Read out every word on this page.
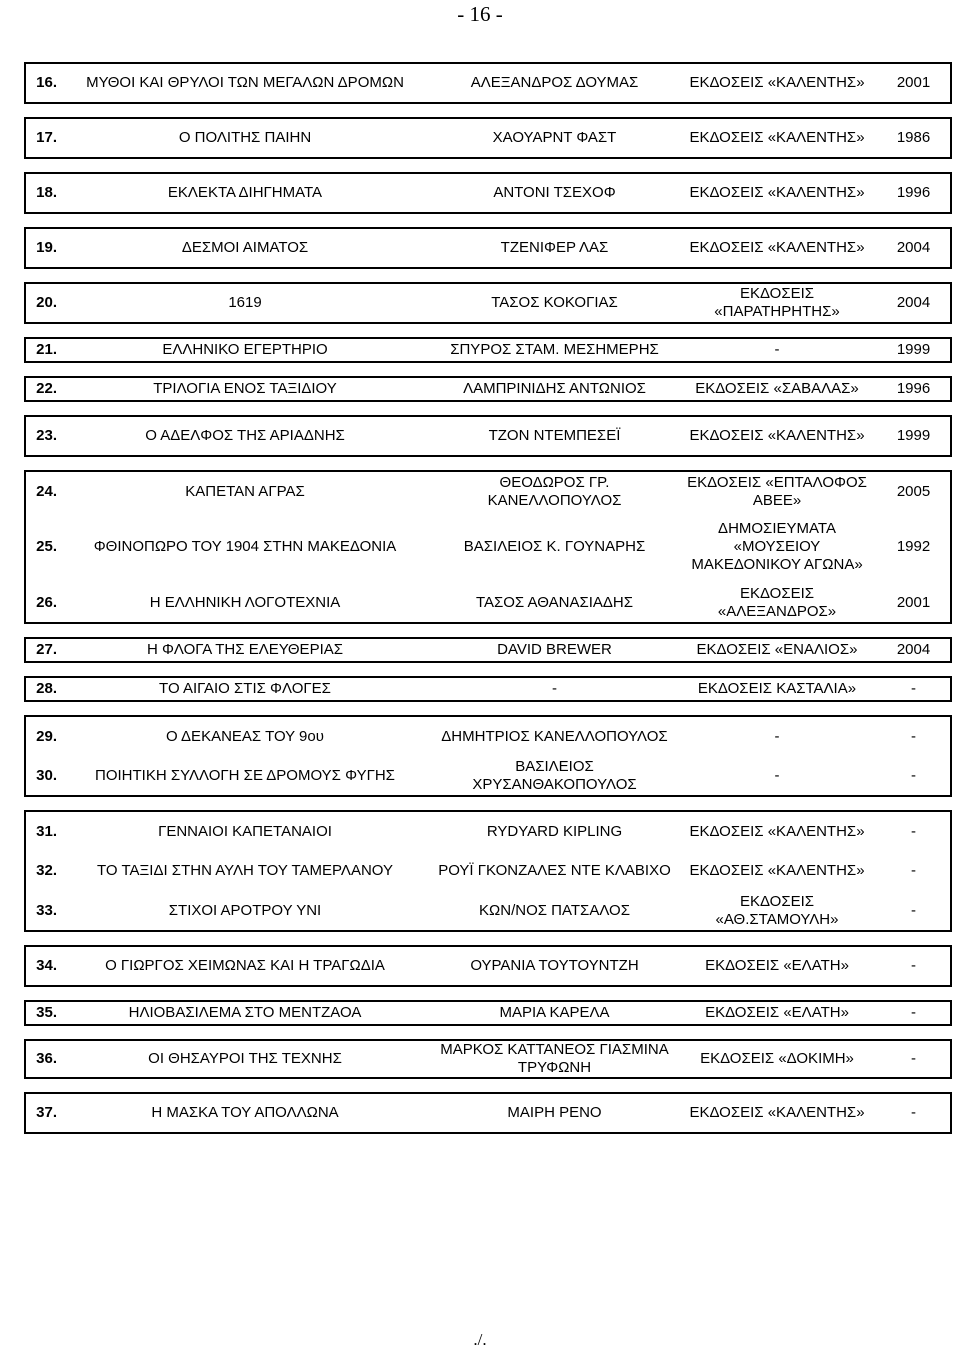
- 16 -
16.	ΜΥΘΟΙ ΚΑΙ ΘΡΥΛΟΙ ΤΩΝ ΜΕΓΑΛΩΝ ΔΡΟΜΩΝ	ΑΛΕΞΑΝΔΡΟΣ ΔΟΥΜΑΣ	ΕΚΔΟΣΕΙΣ «ΚΑΛΕΝΤΗΣ»	2001

17.	Ο ΠΟΛΙΤΗΣ ΠΑΙΗΝ	ΧΑΟΥΑΡΝΤ ΦΑΣΤ	ΕΚΔΟΣΕΙΣ «ΚΑΛΕΝΤΗΣ»	1986

18.	ΕΚΛΕΚΤΑ ΔΙΗΓΗΜΑΤΑ	ΑΝΤΟΝΙ ΤΣΕΧΟΦ	ΕΚΔΟΣΕΙΣ «ΚΑΛΕΝΤΗΣ»	1996

19.	ΔΕΣΜΟΙ ΑΙΜΑΤΟΣ	ΤΖΕΝΙΦΕΡ ΛΑΣ	ΕΚΔΟΣΕΙΣ «ΚΑΛΕΝΤΗΣ»	2004

20.	1619	ΤΑΣΟΣ ΚΟΚΟΓΙΑΣ	ΕΚΔΟΣΕΙΣ «ΠΑΡΑΤΗΡΗΤΗΣ»	2004

21.	ΕΛΛΗΝΙΚΟ ΕΓΕΡΤΗΡΙΟ	ΣΠΥΡΟΣ ΣΤΑΜ. ΜΕΣΗΜΕΡΗΣ	-	1999

22.	ΤΡΙΛΟΓΙΑ ΕΝΟΣ ΤΑΞΙΔΙΟΥ	ΛΑΜΠΡΙΝΙΔΗΣ ΑΝΤΩΝΙΟΣ	ΕΚΔΟΣΕΙΣ «ΣΑΒΑΛΑΣ»	1996

23.	Ο ΑΔΕΛΦΟΣ ΤΗΣ ΑΡΙΑΔΝΗΣ	ΤΖΟΝ ΝΤΕΜΠΕΣΕΪ	ΕΚΔΟΣΕΙΣ «ΚΑΛΕΝΤΗΣ»	1999

24.	ΚΑΠΕΤΑΝ ΑΓΡΑΣ	ΘΕΟΔΩΡΟΣ ΓΡ. ΚΑΝΕΛΛΟΠΟΥΛΟΣ	ΕΚΔΟΣΕΙΣ «ΕΠΤΑΛΟΦΟΣ ΑΒΕΕ»	2005
25.	ΦΘΙΝΟΠΩΡΟ ΤΟΥ 1904 ΣΤΗΝ ΜΑΚΕΔΟΝΙΑ	ΒΑΣΙΛΕΙΟΣ Κ. ΓΟΥΝΑΡΗΣ	ΔΗΜΟΣΙΕΥΜΑΤΑ «ΜΟΥΣΕΙΟΥ ΜΑΚΕΔΟΝΙΚΟΥ ΑΓΩΝΑ»	1992
26.	Η ΕΛΛΗΝΙΚΗ ΛΟΓΟΤΕΧΝΙΑ	ΤΑΣΟΣ ΑΘΑΝΑΣΙΑΔΗΣ	ΕΚΔΟΣΕΙΣ «ΑΛΕΞΑΝΔΡΟΣ»	2001

27.	Η ΦΛΟΓΑ ΤΗΣ ΕΛΕΥΘΕΡΙΑΣ	DAVID BREWER	ΕΚΔΟΣΕΙΣ «ΕΝΑΛΙΟΣ»	2004

28.	ΤΟ ΑΙΓΑΙΟ ΣΤΙΣ ΦΛΟΓΕΣ	-	ΕΚΔΟΣΕΙΣ ΚΑΣΤΑΛΙΑ»	-

29.	Ο ΔΕΚΑΝΕΑΣ ΤΟΥ 9ου	ΔΗΜΗΤΡΙΟΣ ΚΑΝΕΛΛΟΠΟΥΛΟΣ	-	-
30.	ΠΟΙΗΤΙΚΗ ΣΥΛΛΟΓΗ ΣΕ ΔΡΟΜΟΥΣ ΦΥΓΗΣ	ΒΑΣΙΛΕΙΟΣ ΧΡΥΣΑΝΘΑΚΟΠΟΥΛΟΣ	-	-

31.	ΓΕΝΝΑΙΟΙ ΚΑΠΕΤΑΝΑΙΟΙ	RYDYARD KIPLING	ΕΚΔΟΣΕΙΣ «ΚΑΛΕΝΤΗΣ»	-
32.	ΤΟ ΤΑΞΙΔΙ ΣΤΗΝ ΑΥΛΗ ΤΟΥ ΤΑΜΕΡΛΑΝΟΥ	ΡΟΥΪ ΓΚΟΝΖΑΛΕΣ ΝΤΕ ΚΛΑΒΙΧΟ	ΕΚΔΟΣΕΙΣ «ΚΑΛΕΝΤΗΣ»	-
33.	ΣΤΙΧΟΙ ΑΡΟΤΡΟΥ ΥΝΙ	ΚΩΝ/ΝΟΣ ΠΑΤΣΑΛΟΣ	ΕΚΔΟΣΕΙΣ «ΑΘ.ΣΤΑΜΟΥΛΗ»	-

34.	Ο ΓΙΩΡΓΟΣ ΧΕΙΜΩΝΑΣ ΚΑΙ Η ΤΡΑΓΩΔΙΑ	ΟΥΡΑΝΙΑ ΤΟΥΤΟΥΝΤΖΗ	ΕΚΔΟΣΕΙΣ «ΕΛΑΤΗ»	-

35.	ΗΛΙΟΒΑΣΙΛΕΜΑ ΣΤΟ ΜΕΝΤΖΑΟΑ	ΜΑΡΙΑ ΚΑΡΕΛΑ	ΕΚΔΟΣΕΙΣ «ΕΛΑΤΗ»	-

36.	ΟΙ ΘΗΣΑΥΡΟΙ ΤΗΣ ΤΕΧΝΗΣ	ΜΑΡΚΟΣ ΚΑΤΤΑΝΕΟΣ ΓΙΑΣΜΙΝΑ ΤΡΥΦΩΝΗ	ΕΚΔΟΣΕΙΣ «ΔΟΚΙΜΗ»	-

37.	Η ΜΑΣΚΑ ΤΟΥ ΑΠΟΛΛΩΝΑ	ΜΑΙΡΗ ΡΕΝΟ	ΕΚΔΟΣΕΙΣ «ΚΑΛΕΝΤΗΣ»	-
./.
